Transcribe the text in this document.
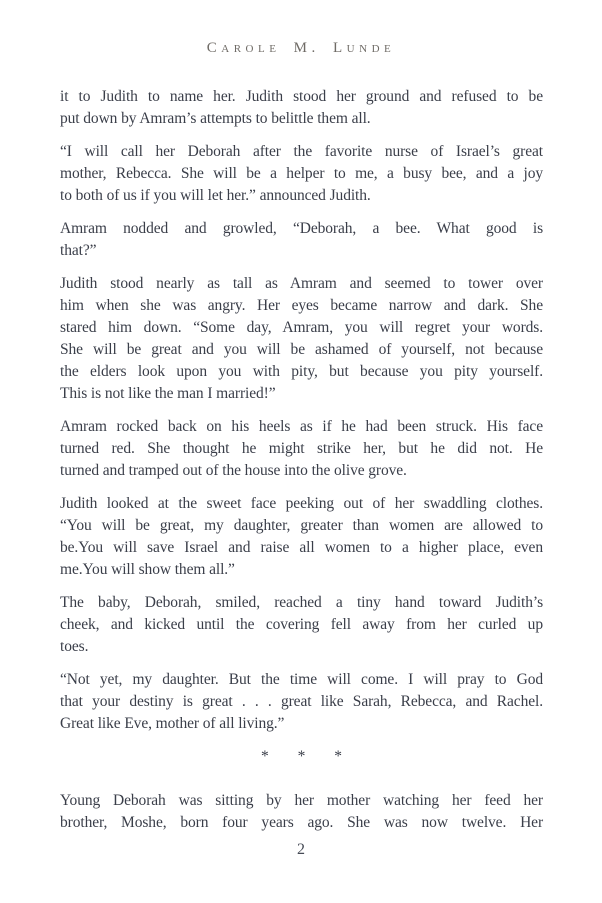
Carole M. Lunde
it to Judith to name her. Judith stood her ground and refused to be
put down by Amram’s attempts to belittle them all.
“I will call her Deborah after the favorite nurse of Israel’s great
mother, Rebecca. She will be a helper to me, a busy bee, and a joy
to both of us if you will let her.” announced Judith.
Amram nodded and growled, “Deborah, a bee. What good is
that?”
Judith stood nearly as tall as Amram and seemed to tower over
him when she was angry. Her eyes became narrow and dark. She
stared him down. “Some day, Amram, you will regret your words.
She will be great and you will be ashamed of yourself, not because
the elders look upon you with pity, but because you pity yourself.
This is not like the man I married!”
Amram rocked back on his heels as if he had been struck. His face
turned red. She thought he might strike her, but he did not. He
turned and tramped out of the house into the olive grove.
Judith looked at the sweet face peeking out of her swaddling clothes.
“You will be great, my daughter, greater than women are allowed to
be.You will save Israel and raise all women to a higher place, even
me.You will show them all.”
The baby, Deborah, smiled, reached a tiny hand toward Judith’s
cheek, and kicked until the covering fell away from her curled up
toes.
“Not yet, my daughter. But the time will come. I will pray to God
that your destiny is great . . . great like Sarah, Rebecca, and Rachel.
Great like Eve, mother of all living.”
* * *
Young Deborah was sitting by her mother watching her feed her
brother, Moshe, born four years ago. She was now twelve. Her
2
